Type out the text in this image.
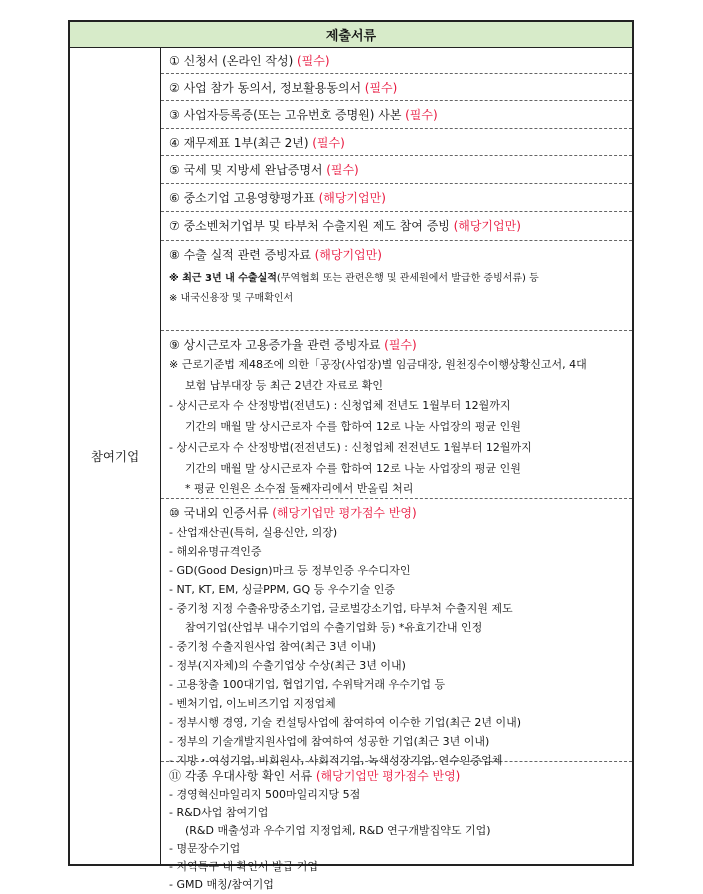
제출서류
참여기업
① 신청서 (온라인 작성) (필수)
② 사업 참가 동의서, 정보활용동의서 (필수)
③ 사업자등록증(또는 고유번호 증명원) 사본 (필수)
④ 재무제표 1부(최근 2년) (필수)
⑤ 국세 및 지방세 완납증명서 (필수)
⑥ 중소기업 고용영향평가표 (해당기업만)
⑦ 중소벤처기업부 및 타부처 수출지원 제도 참여 증빙 (해당기업만)
⑧ 수출 실적 관련 증빙자료 (해당기업만)
※ 최근 3년 내 수출실적(무역협회 또는 관련은행 및 관세원에서 발급한 증빙서류) 등
※ 내국신용장 및 구매확인서
⑨ 상시근로자 고용증가율 관련 증빙자료 (필수)
※ 근로기준법 제48조에 의한「공장(사업장)별 임금대장, 원천징수이행상황신고서, 4대
보험 납부대장 등 최근 2년간 자료로 확인
- 상시근로자 수 산정방법(전년도) : 신청업체 전년도 1월부터 12월까지
기간의 매월 말 상시근로자 수를 합하여 12로 나눈 사업장의 평균 인원
- 상시근로자 수 산정방법(전전년도) : 신청업체 전전년도 1월부터 12월까지
기간의 매월 말 상시근로자 수를 합하여 12로 나눈 사업장의 평균 인원
* 평균 인원은 소수점 둘째자리에서 반올림 처리
⑩ 국내외 인증서류 (해당기업만 평가점수 반영)
- 산업재산권(특허, 실용신안, 의장)
- 해외유명규격인증
- GD(Good Design)마크 등 정부인증 우수디자인
- NT, KT, EM, 싱글PPM, GQ 등 우수기술 인증
- 중기청 지정 수출유망중소기업, 글로벌강소기업, 타부처 수출지원 제도
참여기업(산업부 내수기업의 수출기업화 등) *유효기간내 인정
- 중기청 수출지원사업 참여(최근 3년 이내)
- 정부(지자체)의 수출기업상 수상(최근 3년 이내)
- 고용창출 100대기업, 협업기업, 수위탁거래 우수기업 등
- 벤처기업, 이노비즈기업 지정업체
- 정부시행 경영, 기술 컨설팅사업에 참여하여 이수한 기업(최근 2년 이내)
- 정부의 기술개발지원사업에 참여하여 성공한 기업(최근 3년 이내)
- 지방・여성기업, 비회원사, 사회적기업, 녹색성장기업, 연수인증업체
⑪ 각종 우대사항 확인 서류 (해당기업만 평가점수 반영)
- 경영혁신마일리지 500마일리지당 5점
- R&D사업 참여기업
(R&D 매출성과 우수기업 지정업체, R&D 연구개발집약도 기업)
- 명문장수기업
- 지역특구 내 확인서 발급 기업
- GMD 매칭/참여기업
